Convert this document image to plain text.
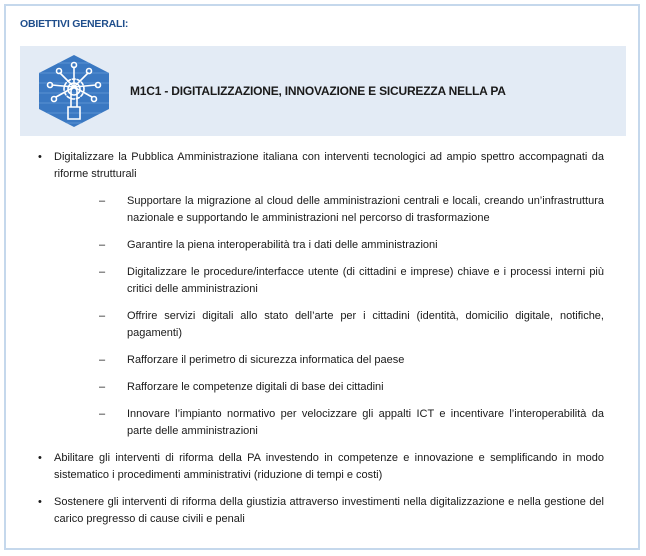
OBIETTIVI GENERALI:
M1C1 - DIGITALIZZAZIONE, INNOVAZIONE E SICUREZZA NELLA PA
• Digitalizzare la Pubblica Amministrazione italiana con interventi tecnologici ad ampio spettro accompagnati da riforme strutturali
– Supportare la migrazione al cloud delle amministrazioni centrali e locali, creando un’infrastruttura nazionale e supportando le amministrazioni nel percorso di trasformazione
– Garantire la piena interoperabilità tra i dati delle amministrazioni
– Digitalizzare le procedure/interfacce utente (di cittadini e imprese) chiave e i processi interni più critici delle amministrazioni
– Offrire servizi digitali allo stato dell’arte per i cittadini (identità, domicilio digitale, notifiche, pagamenti)
– Rafforzare il perimetro di sicurezza informatica del paese
– Rafforzare le competenze digitali di base dei cittadini
– Innovare l’impianto normativo per velocizzare gli appalti ICT e incentivare l’interoperabilità da parte delle amministrazioni
• Abilitare gli interventi di riforma della PA investendo in competenze e innovazione e semplificando in modo sistematico i procedimenti amministrativi (riduzione di tempi e costi)
• Sostenere gli interventi di riforma della giustizia attraverso investimenti nella digitalizzazione e nella gestione del carico pregresso di cause civili e penali
